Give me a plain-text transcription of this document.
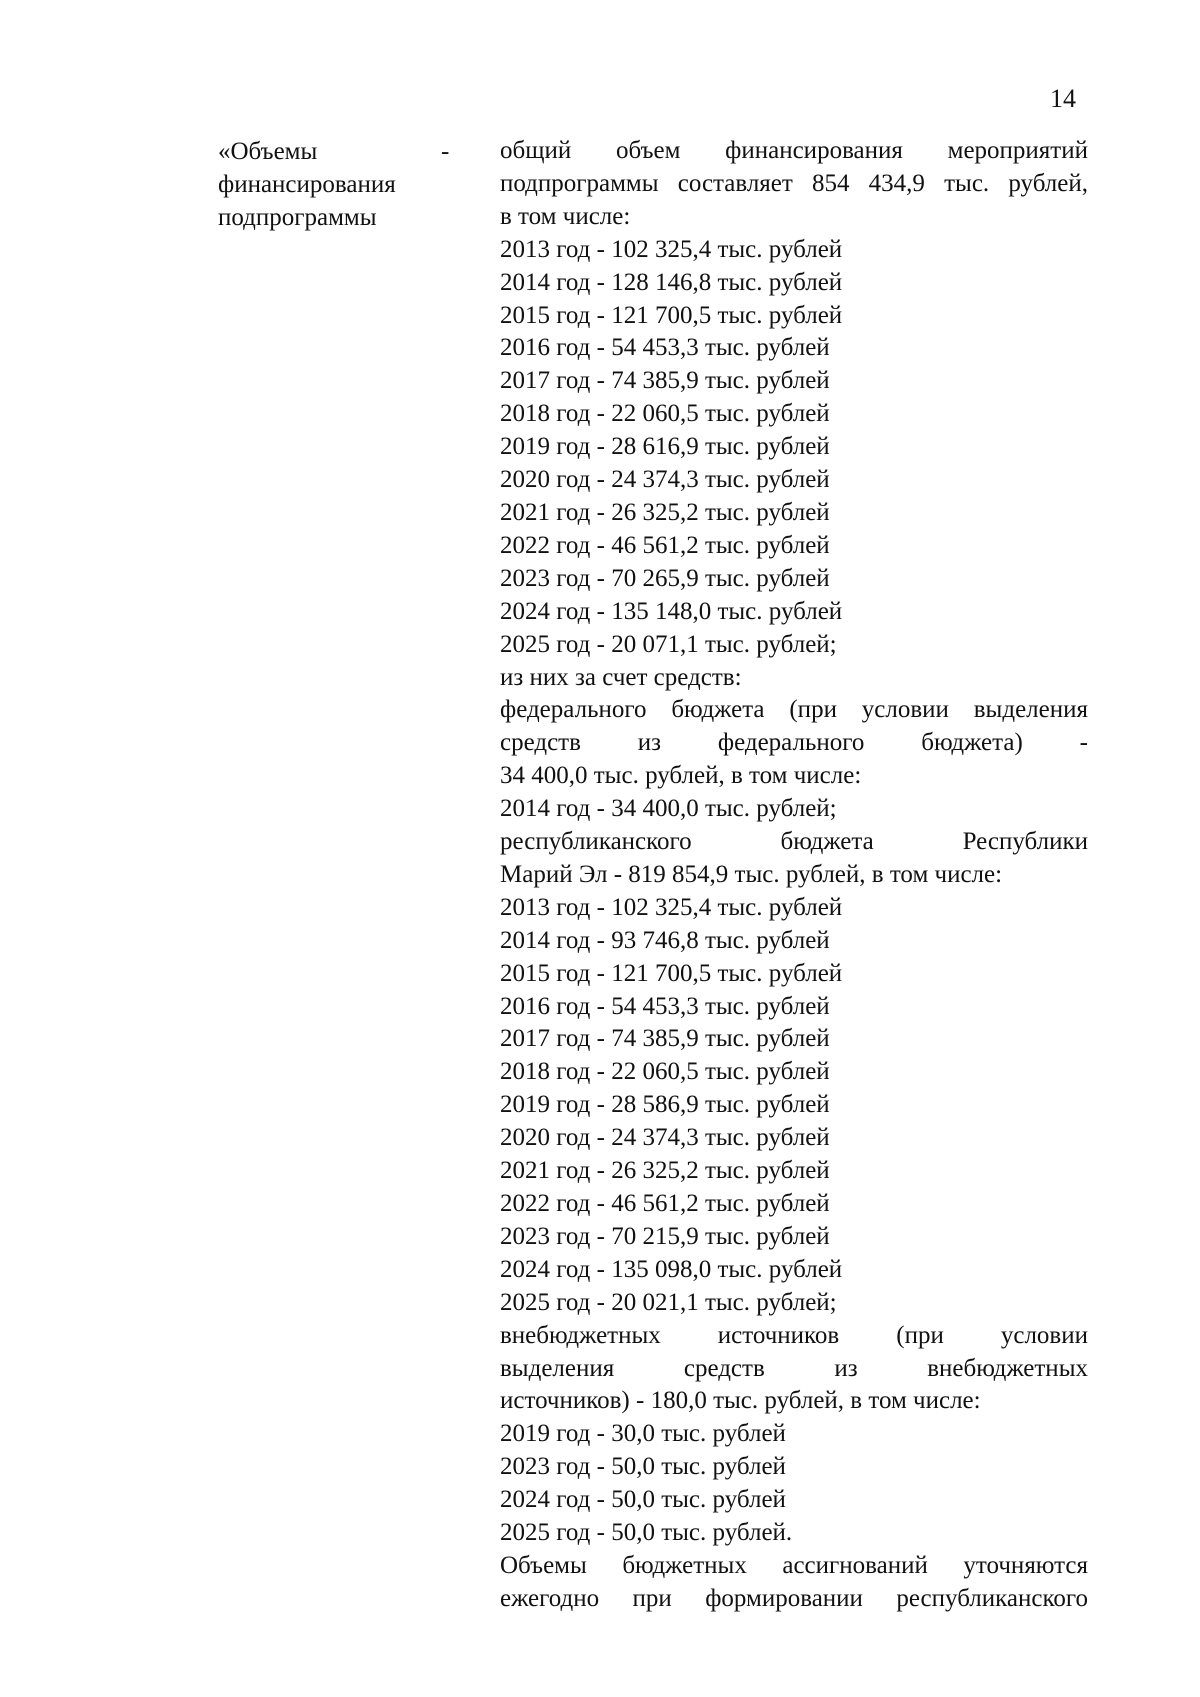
14
«Объемы
финансирования
подпрограммы
- общий объем финансирования мероприятий
подпрограммы составляет 854 434,9 тыс. рублей,
в том числе:
2013 год - 102 325,4 тыс. рублей
2014 год - 128 146,8 тыс. рублей
2015 год - 121 700,5 тыс. рублей
2016 год - 54 453,3 тыс. рублей
2017 год - 74 385,9 тыс. рублей
2018 год - 22 060,5 тыс. рублей
2019 год - 28 616,9 тыс. рублей
2020 год - 24 374,3 тыс. рублей
2021 год - 26 325,2 тыс. рублей
2022 год - 46 561,2 тыс. рублей
2023 год - 70 265,9 тыс. рублей
2024 год - 135 148,0 тыс. рублей
2025 год - 20 071,1 тыс. рублей;
из них за счет средств:
федерального бюджета (при условии выделения
средств из федерального бюджета) -
34 400,0 тыс. рублей, в том числе:
2014 год - 34 400,0 тыс. рублей;
республиканского бюджета Республики
Марий Эл - 819 854,9 тыс. рублей, в том числе:
2013 год - 102 325,4 тыс. рублей
2014 год - 93 746,8 тыс. рублей
2015 год - 121 700,5 тыс. рублей
2016 год - 54 453,3 тыс. рублей
2017 год - 74 385,9 тыс. рублей
2018 год - 22 060,5 тыс. рублей
2019 год - 28 586,9 тыс. рублей
2020 год - 24 374,3 тыс. рублей
2021 год - 26 325,2 тыс. рублей
2022 год - 46 561,2 тыс. рублей
2023 год - 70 215,9 тыс. рублей
2024 год - 135 098,0 тыс. рублей
2025 год - 20 021,1 тыс. рублей;
внебюджетных источников (при условии
выделения средств из внебюджетных
источников) - 180,0 тыс. рублей, в том числе:
2019 год - 30,0 тыс. рублей
2023 год - 50,0 тыс. рублей
2024 год - 50,0 тыс. рублей
2025 год - 50,0 тыс. рублей.
Объемы бюджетных ассигнований уточняются
ежегодно при формировании республиканского
